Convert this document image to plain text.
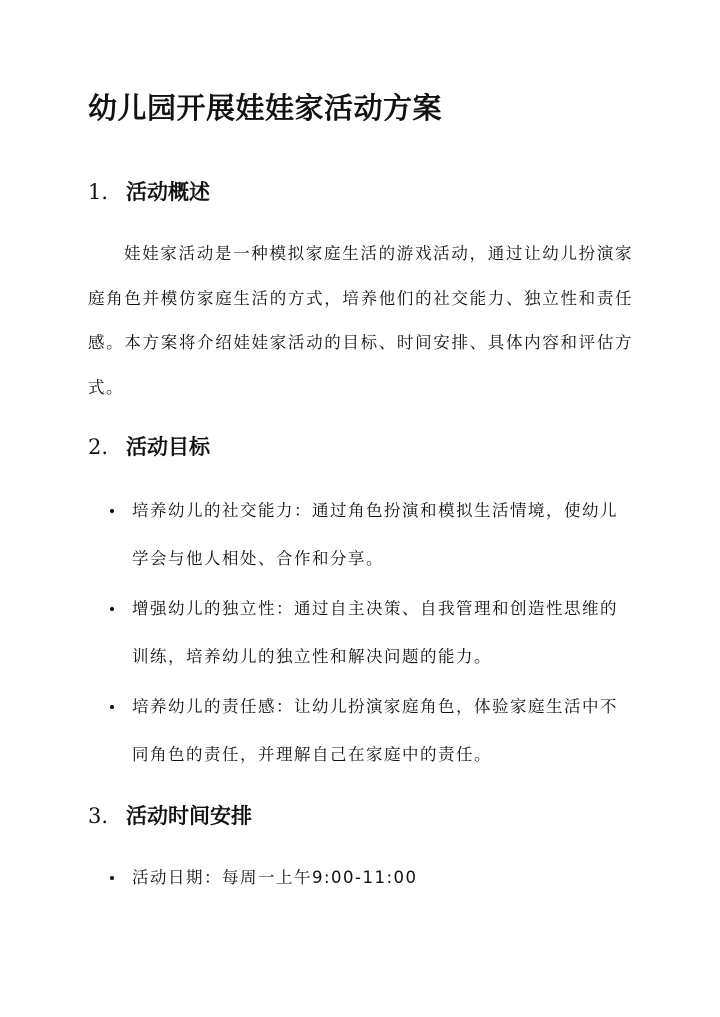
幼儿园开展娃娃家活动方案
1. 活动概述

娃娃家活动是一种模拟家庭生活的游戏活动，通过让幼儿扮演家庭角色并模仿家庭生活的方式，培养他们的社交能力、独立性和责任感。本方案将介绍娃娃家活动的目标、时间安排、具体内容和评估方式。

2. 活动目标
培养幼儿的社交能力：通过角色扮演和模拟生活情境，使幼儿学会与他人相处、合作和分享。
增强幼儿的独立性：通过自主决策、自我管理和创造性思维的训练，培养幼儿的独立性和解决问题的能力。
培养幼儿的责任感：让幼儿扮演家庭角色，体验家庭生活中不同角色的责任，并理解自己在家庭中的责任。
3. 活动时间安排
活动日期：每周一上午9:00-11:00
